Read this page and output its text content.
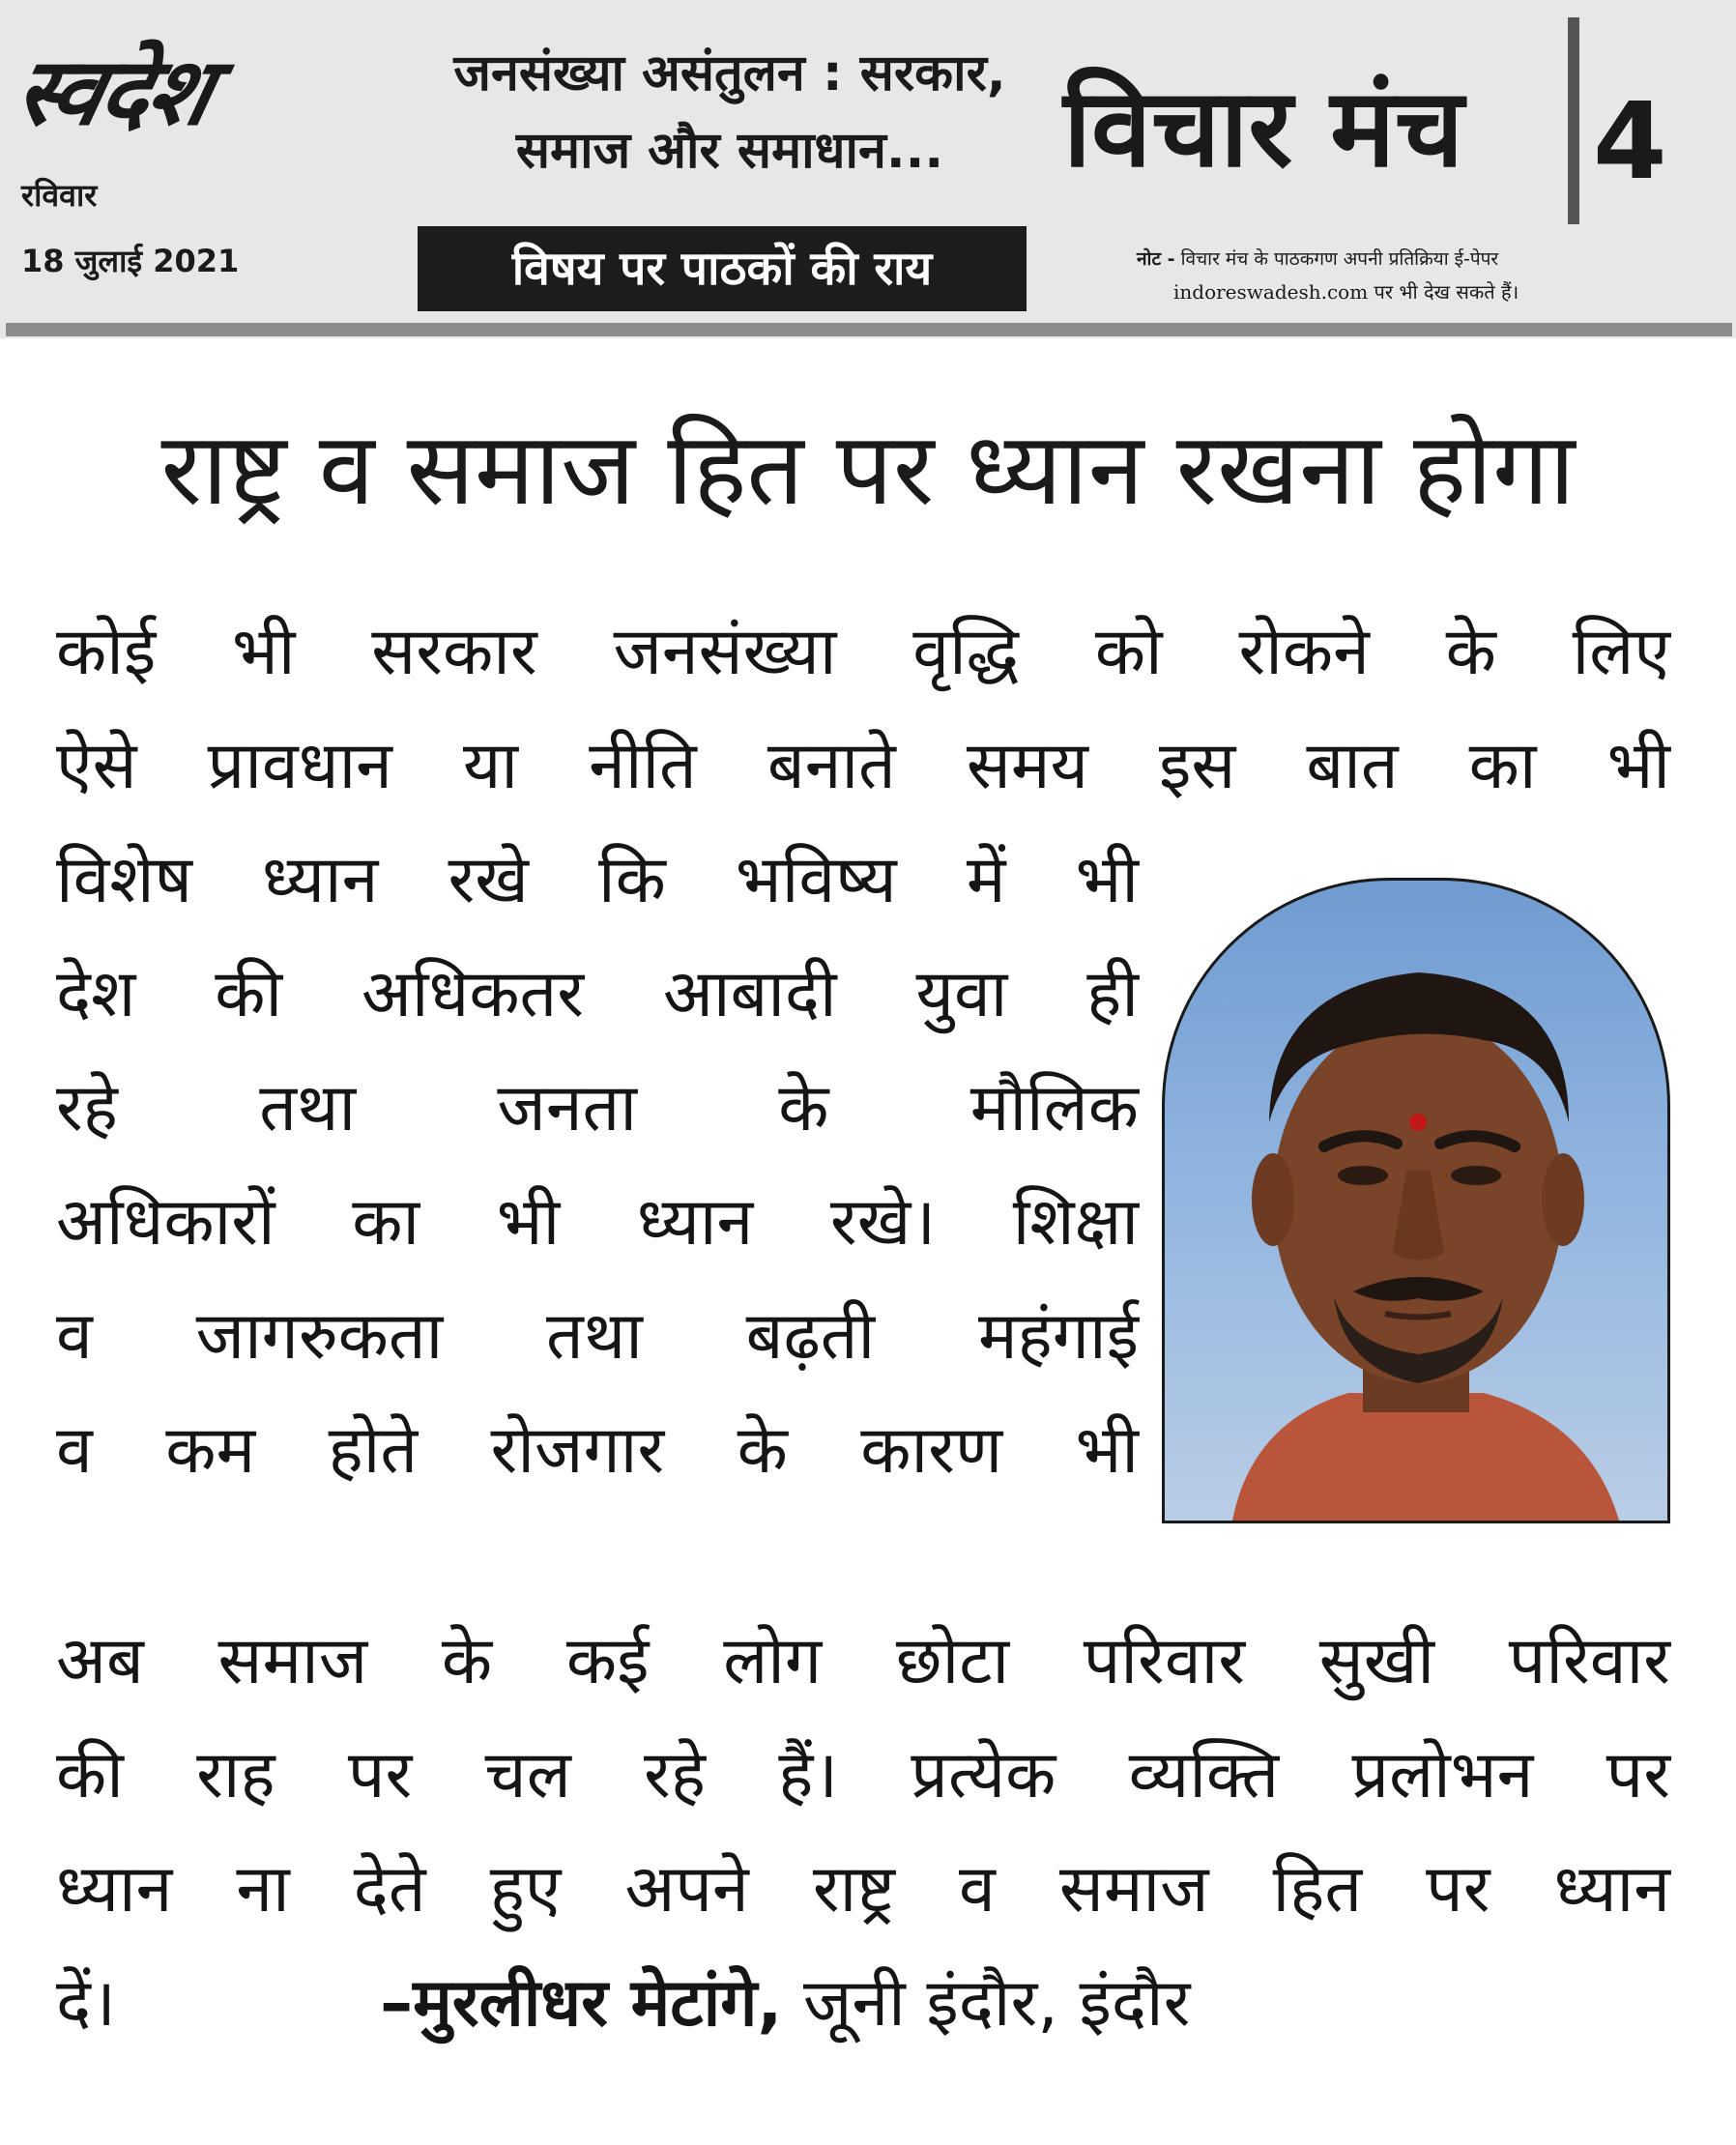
स्वदेश
रविवार
18 जुलाई 2021
जनसंख्या असंतुलन : सरकार,
समाज और समाधान...
विषय पर पाठकों की राय
विचार मंच	4
नोट - विचार मंच के पाठकगण अपनी प्रतिक्रिया ई-पेपर
indoreswadesh.com पर भी देख सकते हैं।
राष्ट्र व समाज हित पर ध्यान रखना होगा
कोई भी सरकार जनसंख्या वृद्धि को रोकने के लिए
ऐसे प्रावधान या नीति बनाते समय इस बात का भी
विशेष ध्यान रखे कि भविष्य में भी
देश की अधिकतर आबादी युवा ही
रहे तथा जनता के मौलिक
अधिकारों का भी ध्यान रखे। शिक्षा
व जागरुकता तथा बढ़ती महंगाई
व कम होते रोजगार के कारण भी
अब समाज के कई लोग छोटा परिवार सुखी परिवार
की राह पर चल रहे हैं। प्रत्येक व्यक्ति प्रलोभन पर
ध्यान ना देते हुए अपने राष्ट्र व समाज हित पर ध्यान
दें।	–मुरलीधर मेटांगे, जूनी इंदौर, इंदौर
